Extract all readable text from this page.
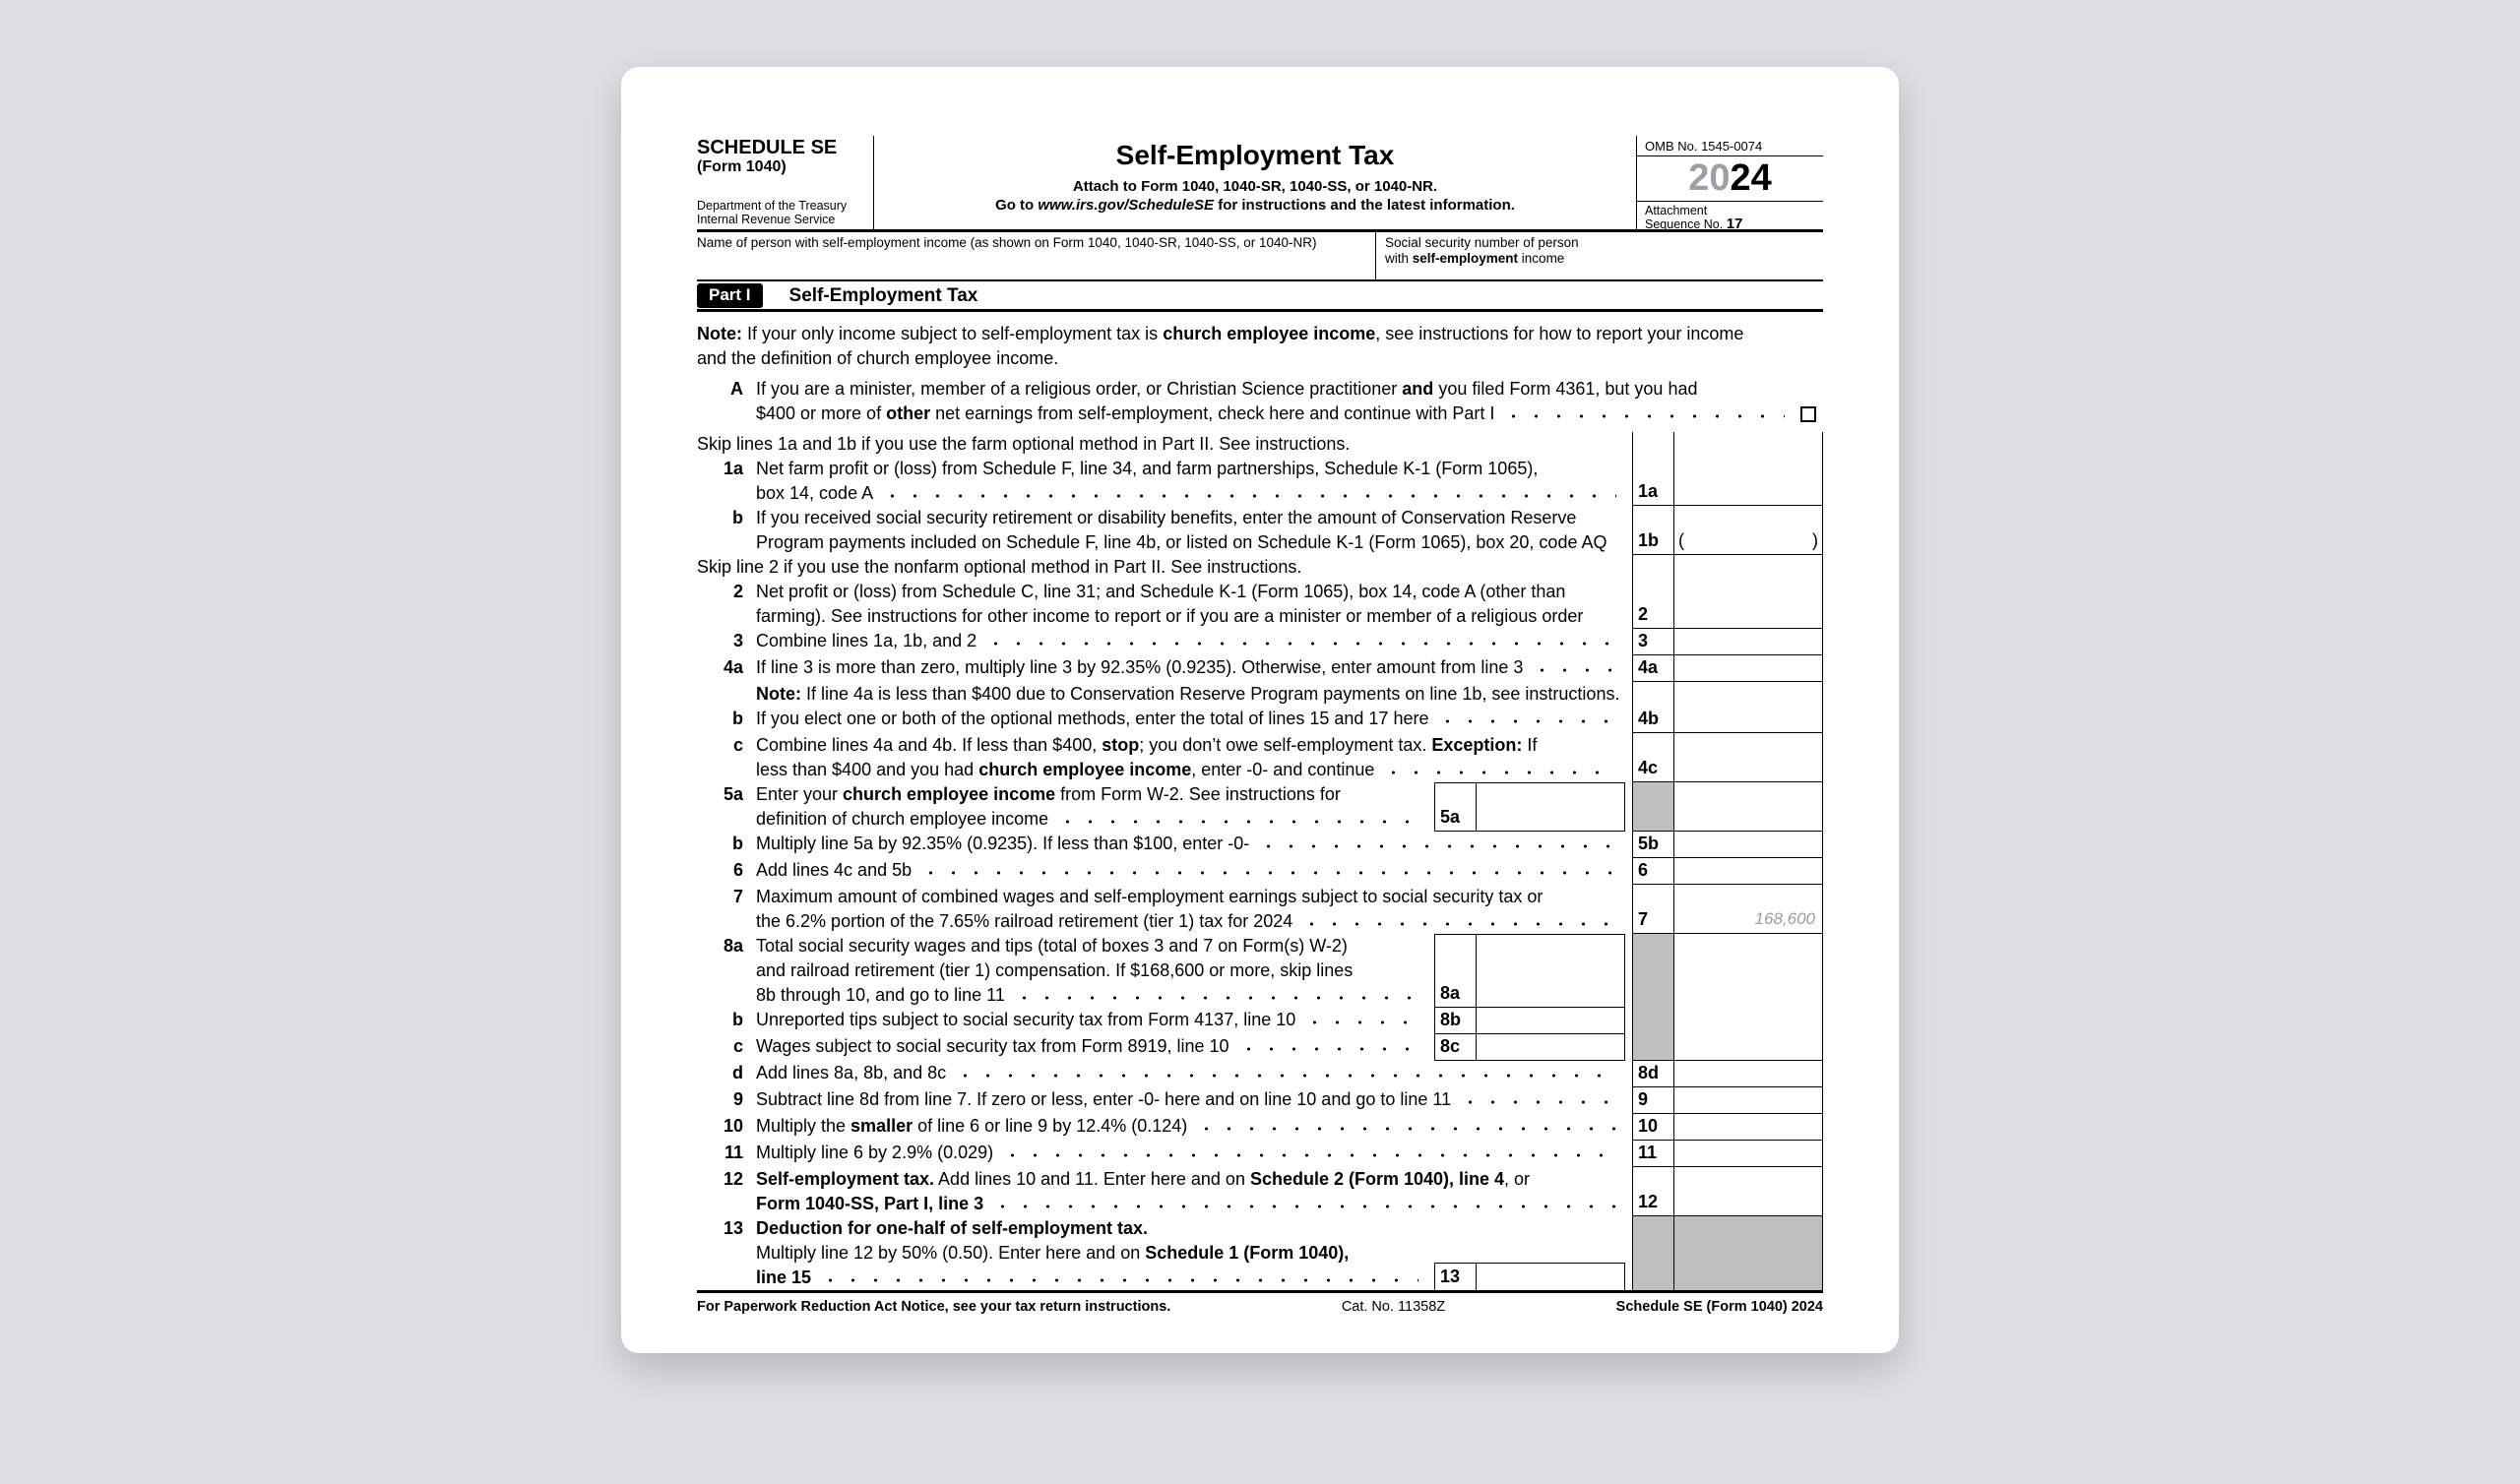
SCHEDULE SE
(Form 1040)
Department of the Treasury
Internal Revenue Service
Self-Employment Tax
Attach to Form 1040, 1040-SR, 1040-SS, or 1040-NR.
Go to www.irs.gov/ScheduleSE for instructions and the latest information.
OMB No. 1545-0074
20 24
Attachment
Sequence No. 17
Name of person with self-employment income (as shown on Form 1040, 1040-SR, 1040-SS, or 1040-NR)	Social security number of person
with self-employment income
Part I	Self-Employment Tax
Note: If your only income subject to self-employment tax is church employee income, see instructions for how to report your income
and the definition of church employee income.
A If you are a minister, member of a religious order, or Christian Science practitioner and you filed Form 4361, but you had
$400 or more of other net earnings from self-employment, check here and continue with Part I
Skip lines 1a and 1b if you use the farm optional method in Part II. See instructions.
1a Net farm profit or (loss) from Schedule F, line 34, and farm partnerships, Schedule K-1 (Form 1065),
box 14, code A	1a
b If you received social security retirement or disability benefits, enter the amount of Conservation Reserve
Program payments included on Schedule F, line 4b, or listed on Schedule K-1 (Form 1065), box 20, code AQ	1b	(	)
Skip line 2 if you use the nonfarm optional method in Part II. See instructions.
2 Net profit or (loss) from Schedule C, line 31; and Schedule K-1 (Form 1065), box 14, code A (other than
farming). See instructions for other income to report or if you are a minister or member of a religious order	2
3 Combine lines 1a, 1b, and 2	3
4a If line 3 is more than zero, multiply line 3 by 92.35% (0.9235). Otherwise, enter amount from line 3	4a
Note: If line 4a is less than $400 due to Conservation Reserve Program payments on line 1b, see instructions.
b If you elect one or both of the optional methods, enter the total of lines 15 and 17 here	4b
c Combine lines 4a and 4b. If less than $400, stop; you don’t owe self-employment tax. Exception: If
less than $400 and you had church employee income, enter -0- and continue	4c
5a Enter your church employee income from Form W-2. See instructions for
definition of church employee income	5a
b Multiply line 5a by 92.35% (0.9235). If less than $100, enter -0-	5b
6 Add lines 4c and 5b	6
7 Maximum amount of combined wages and self-employment earnings subject to social security tax or
the 6.2% portion of the 7.65% railroad retirement (tier 1) tax for 2024	7	168,600
8a Total social security wages and tips (total of boxes 3 and 7 on Form(s) W-2)
and railroad retirement (tier 1) compensation. If $168,600 or more, skip lines
8b through 10, and go to line 11	8a
b Unreported tips subject to social security tax from Form 4137, line 10	8b
c Wages subject to social security tax from Form 8919, line 10	8c
d Add lines 8a, 8b, and 8c	8d
9 Subtract line 8d from line 7. If zero or less, enter -0- here and on line 10 and go to line 11	9
10 Multiply the smaller of line 6 or line 9 by 12.4% (0.124)	10
11 Multiply line 6 by 2.9% (0.029)	11
12 Self-employment tax. Add lines 10 and 11. Enter here and on Schedule 2 (Form 1040), line 4, or
Form 1040-SS, Part I, line 3	12
13 Deduction for one-half of self-employment tax.
Multiply line 12 by 50% (0.50). Enter here and on Schedule 1 (Form 1040),
line 15	13
For Paperwork Reduction Act Notice, see your tax return instructions.	Cat. No. 11358Z	Schedule SE (Form 1040) 2024
